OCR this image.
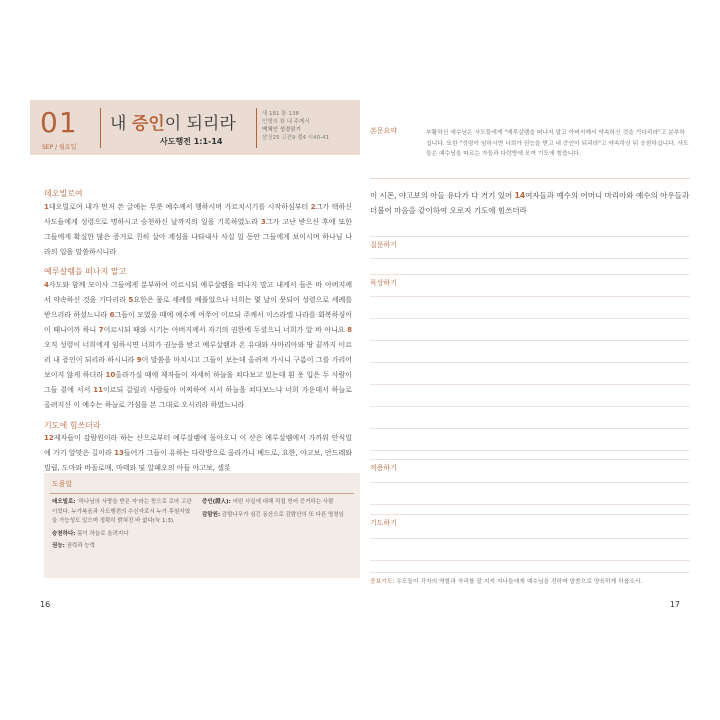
01
SEP / 월요일
내 증인이 되리라
사도행전 1:1-14
새 181 통 138
인형의 왕 내 주께서
맥체인 성경읽기
삼상25 고전9 겔4 시40-41
데오빌로여
1데오빌로여 내가 먼저 쓴 글에는 무릇 예수께서 행하시며 가르치시기를 시작하심부터 2그가 택하신 사도들에게 성령으로 명하시고 승천하신 날까지의 일을 기록하였노라 3그가 고난 받으신 후에 또한 그들에게 확실한 많은 증거로 친히 살아 계심을 나타내사 사십 일 동안 그들에게 보이시며 하나님 나라의 일을 말씀하시니라
예루살렘을 떠나지 말고
4사도와 함께 모이사 그들에게 분부하여 이르시되 예루살렘을 떠나지 말고 내게서 들은 바 아버지께서 약속하신 것을 기다리라 5요한은 물로 세례를 베풀었으나 너희는 몇 날이 못되어 성령으로 세례를 받으리라 하셨느니라 6그들이 모였을 때에 예수께 여쭈어 이르되 주께서 이스라엘 나라를 회복하심이 이 때니이까 하니 7이르시되 때와 시기는 아버지께서 자기의 권한에 두셨으니 너희가 알 바 아니요 8오직 성령이 너희에게 임하시면 너희가 권능을 받고 예루살렘과 온 유대와 사마리아와 땅 끝까지 이르러 내 증인이 되리라 하시니라 9이 말씀을 마치시고 그들이 보는데 올려져 가시니 구름이 그를 가리어 보이지 않게 하더라 10올라가실 때에 제자들이 자세히 하늘을 쳐다보고 있는데 흰 옷 입은 두 사람이 그들 곁에 서서 11이르되 갈릴리 사람들아 어찌하여 서서 하늘을 쳐다보느냐 너희 가운데서 하늘로 올려지신 이 예수는 하늘로 가심을 본 그대로 오시리라 하였느니라
기도에 힘쓰더라
12제자들이 감람원이라 하는 산으로부터 예루살렘에 돌아오니 이 산은 예루살렘에서 가까워 안식일에 가기 알맞은 길이라 13들어가 그들이 유하는 다락방으로 올라가니 베드로, 요한, 야고보, 안드레와 빌립, 도마와 바돌로매, 마태와 및 알패오의 아들 야고보, 셀롯
도움말
데오빌로: '하나님의 사랑을 받은 자'라는 뜻으로 로마 고관이었다. 누가복음과 사도행전의 수신자로서 누가 후원자였을 가능성도 있으며 정확히 밝혀진 바 없다(눅 1:3).
승천하다: 몸이 하늘로 올려지다
권능: 권력과 능력
증인(證人): 어떤 사실에 대해 직접 얻어 증거하는 사람
감람원: 감람나무가 심긴 동산으로 감람산의 또 다른 명칭임
16
본문요약	부활하신 예수님은 사도들에게 "예루살렘을 떠나지 말고 아버지께서 약속하신 것을 기다리라"고 분부하십니다. 또한 "성령이 임하시면 너희가 권능을 받고 내 증인이 되리라"고 약속하신 뒤 승천하십니다. 사도들은 예수님을 따르는 자들과 다락방에 모여 기도에 힘씁니다.
이 시몬, 야고보의 아들 유다가 다 거기 있어 14여자들과 예수의 어머니 마리아와 예수의 아우들과 더불어 마음을 같이하여 오로지 기도에 힘쓰더라
질문하기
묵상하기
적용하기
기도하기
중보기도: 우도들이 각자의 역할과 자리를 잘 지켜 지나들에게 예수님을 전하며 말씀으로 양육하게 하옵소서.
17
